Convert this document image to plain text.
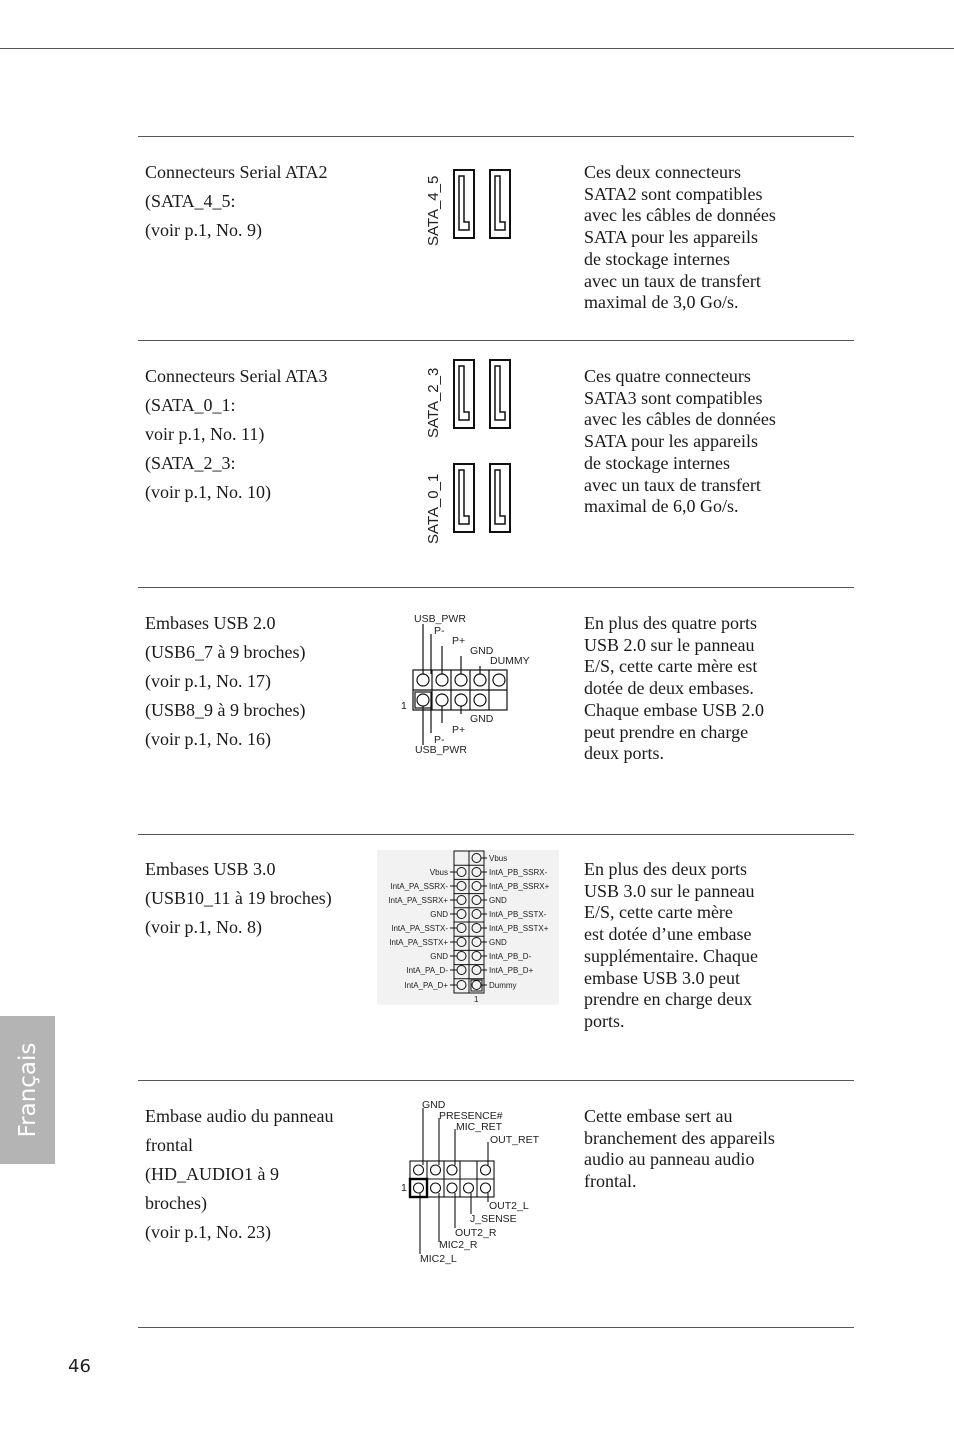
Connecteurs Serial ATA2
(SATA_4_5:
(voir p.1, No. 9)	SATA_4_5
Ces deux connecteurs
SATA2 sont compatibles
avec les câbles de données
SATA pour les appareils
de stockage internes
avec un taux de transfert
maximal de 3,0 Go/s.
Connecteurs Serial ATA3
(SATA_0_1:
voir p.1, No. 11)
(SATA_2_3:
(voir p.1, No. 10)
SATA_2_3
SATA_0_1
Ces quatre connecteurs
SATA3 sont compatibles
avec les câbles de données
SATA pour les appareils
de stockage internes
avec un taux de transfert
maximal de 6,0 Go/s.
Embases USB 2.0
(USB6_7 à 9 broches)
(voir p.1, No. 17)
(USB8_9 à 9 broches)
(voir p.1, No. 16)
USB_PWR
P-
P+
GND
DUMMY
1
GND
P+
P-
USB_PWR
En plus des quatre ports
USB 2.0 sur le panneau
E/S, cette carte mère est
dotée de deux embases.
Chaque embase USB 2.0
peut prendre en charge
deux ports.
Embases USB 3.0
(USB10_11 à 19 broches)
(voir p.1, No. 8)
Vbus
IntA_PA_SSRX-
IntA_PA_SSRX+
GND
IntA_PA_SSTX-
IntA_PA_SSTX+
GND
IntA_PA_D-
IntA_PA_D+
Vbus
IntA_PB_SSRX-
IntA_PB_SSRX+
GND
IntA_PB_SSTX-
IntA_PB_SSTX+
GND
IntA_PB_D-
IntA_PB_D+
Dummy
1
En plus des deux ports
USB 3.0 sur le panneau
E/S, cette carte mère
est dotée d’une embase
supplémentaire. Chaque
embase USB 3.0 peut
prendre en charge deux
ports.
Embase audio du panneau
frontal
(HD_AUDIO1 à 9
broches)
(voir p.1, No. 23)
GND
PRESENCE#
MIC_RET
OUT_RET
1
OUT2_L
J_SENSE
OUT2_R
MIC2_R
MIC2_L
Cette embase sert au
branchement des appareils
audio au panneau audio
frontal.
Français
46
